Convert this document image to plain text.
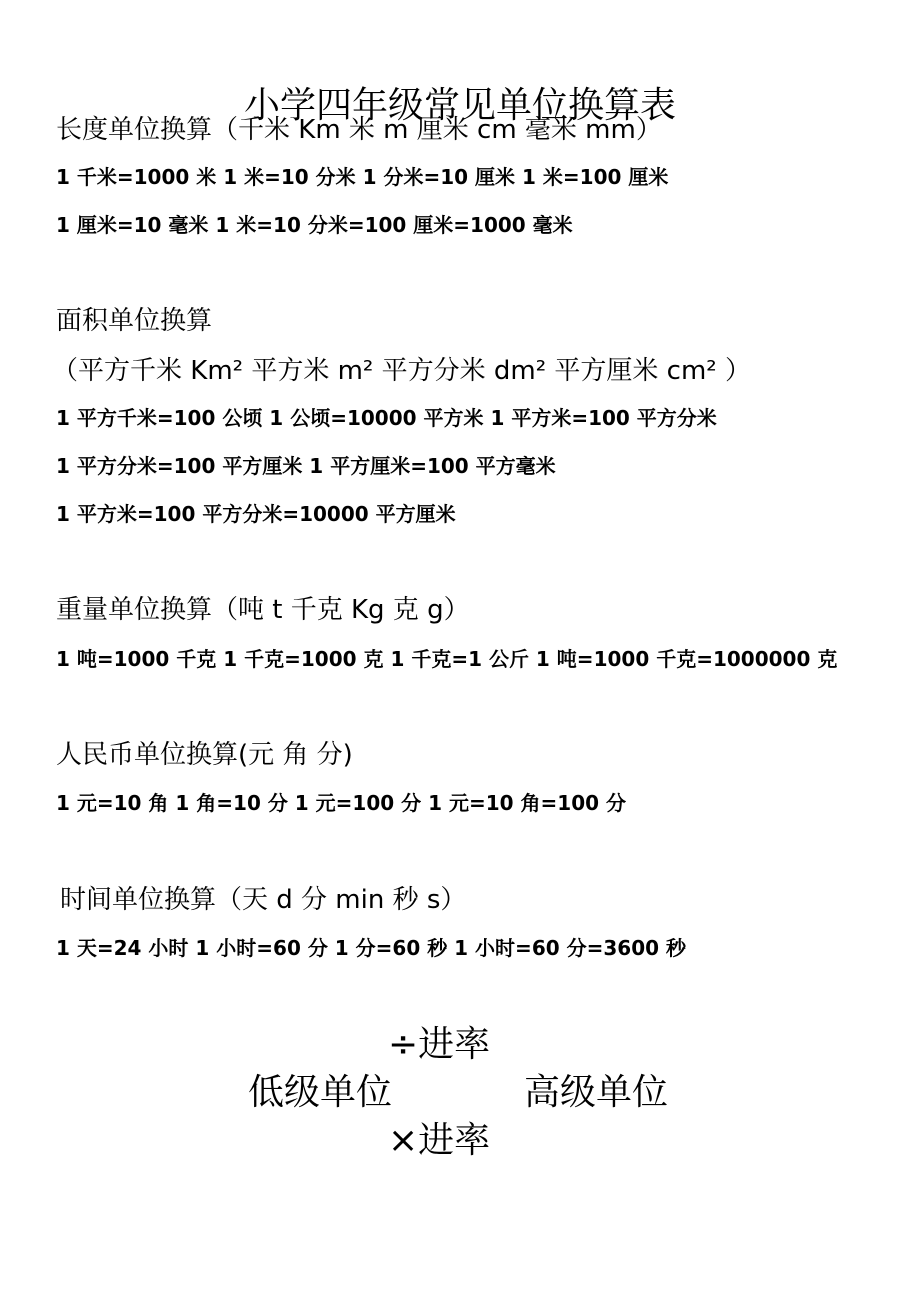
小学四年级常见单位换算表
长度单位换算（千米 Km 米 m 厘米 cm 毫米 mm）
1 千米=1000 米 1 米=10 分米 1 分米=10 厘米 1 米=100 厘米
1 厘米=10 毫米 1 米=10 分米=100 厘米=1000 毫米
面积单位换算
（平方千米 Km² 平方米 m² 平方分米 dm² 平方厘米 cm² ）
1 平方千米=100 公顷 1 公顷=10000 平方米 1 平方米=100 平方分米
1 平方分米=100 平方厘米 1 平方厘米=100 平方毫米
1 平方米=100 平方分米=10000 平方厘米
重量单位换算（吨 t 千克 Kg 克 g）
1 吨=1000 千克 1 千克=1000 克 1 千克=1 公斤 1 吨=1000 千克=1000000 克
人民币单位换算(元 角 分)
1 元=10 角 1 角=10 分 1 元=100 分 1 元=10 角=100 分
时间单位换算（天 d 分 min 秒 s）
1 天=24 小时 1 小时=60 分 1 分=60 秒 1 小时=60 分=3600 秒
÷进率
低级单位	高级单位
×进率
